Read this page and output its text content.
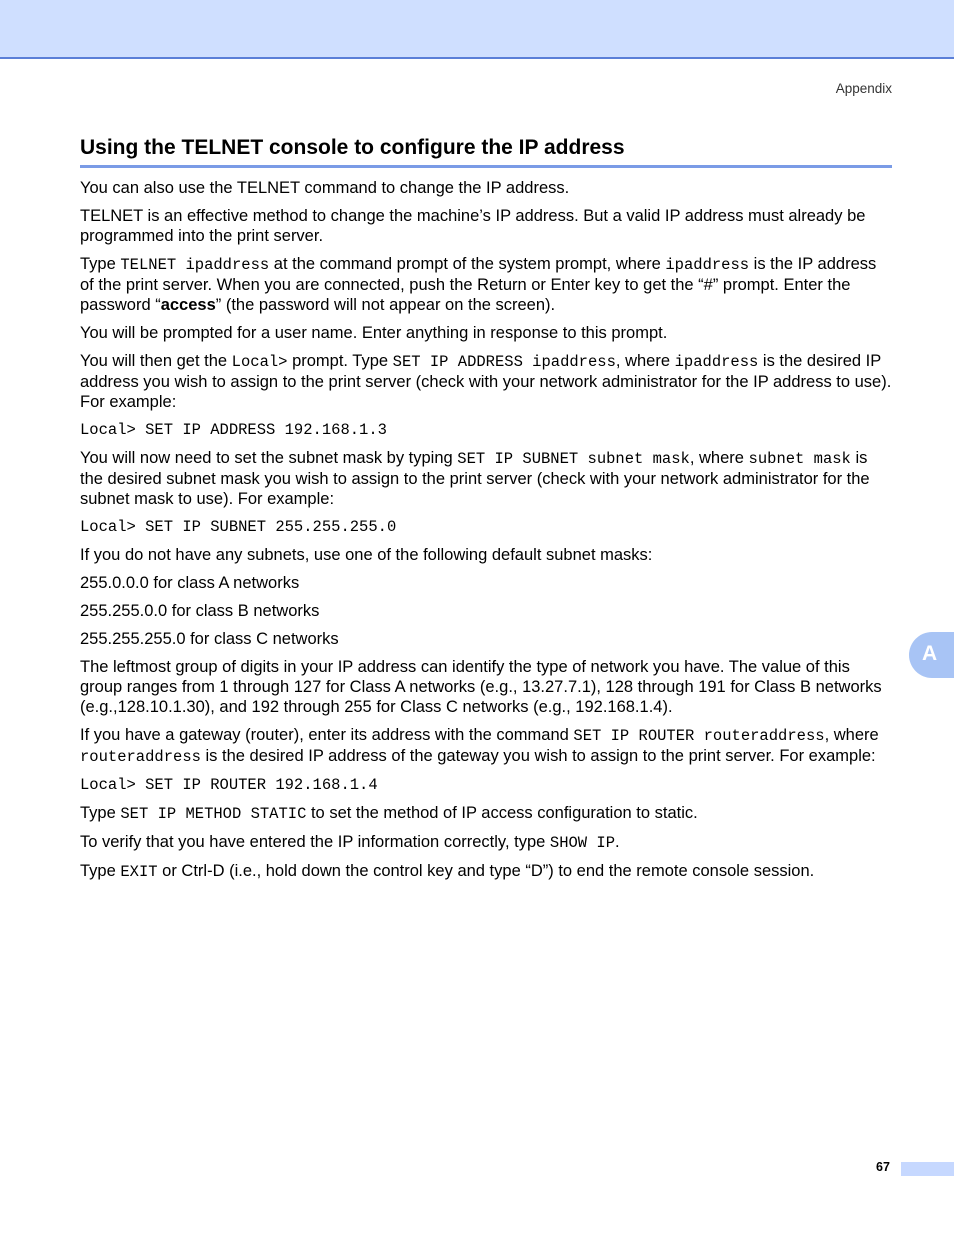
Appendix
Using the TELNET console to configure the IP address

You can also use the TELNET command to change the IP address.

TELNET is an effective method to change the machine’s IP address. But a valid IP address must already be programmed into the print server.

Type TELNET ipaddress at the command prompt of the system prompt, where ipaddress is the IP address of the print server. When you are connected, push the Return or Enter key to get the “#” prompt. Enter the password “access” (the password will not appear on the screen).

You will be prompted for a user name. Enter anything in response to this prompt.

You will then get the Local> prompt. Type SET IP ADDRESS ipaddress, where ipaddress is the desired IP address you wish to assign to the print server (check with your network administrator for the IP address to use). For example:

Local> SET IP ADDRESS 192.168.1.3

You will now need to set the subnet mask by typing SET IP SUBNET subnet mask, where subnet mask is the desired subnet mask you wish to assign to the print server (check with your network administrator for the subnet mask to use). For example:

Local> SET IP SUBNET 255.255.255.0

If you do not have any subnets, use one of the following default subnet masks:

255.0.0.0 for class A networks

255.255.0.0 for class B networks

255.255.255.0 for class C networks

The leftmost group of digits in your IP address can identify the type of network you have. The value of this group ranges from 1 through 127 for Class A networks (e.g., 13.27.7.1), 128 through 191 for Class B networks (e.g.,128.10.1.30), and 192 through 255 for Class C networks (e.g., 192.168.1.4).

If you have a gateway (router), enter its address with the command SET IP ROUTER routeraddress, where routeraddress is the desired IP address of the gateway you wish to assign to the print server. For example:

Local> SET IP ROUTER 192.168.1.4

Type SET IP METHOD STATIC to set the method of IP access configuration to static.

To verify that you have entered the IP information correctly, type SHOW IP.

Type EXIT or Ctrl-D (i.e., hold down the control key and type “D”) to end the remote console session.

A
67
